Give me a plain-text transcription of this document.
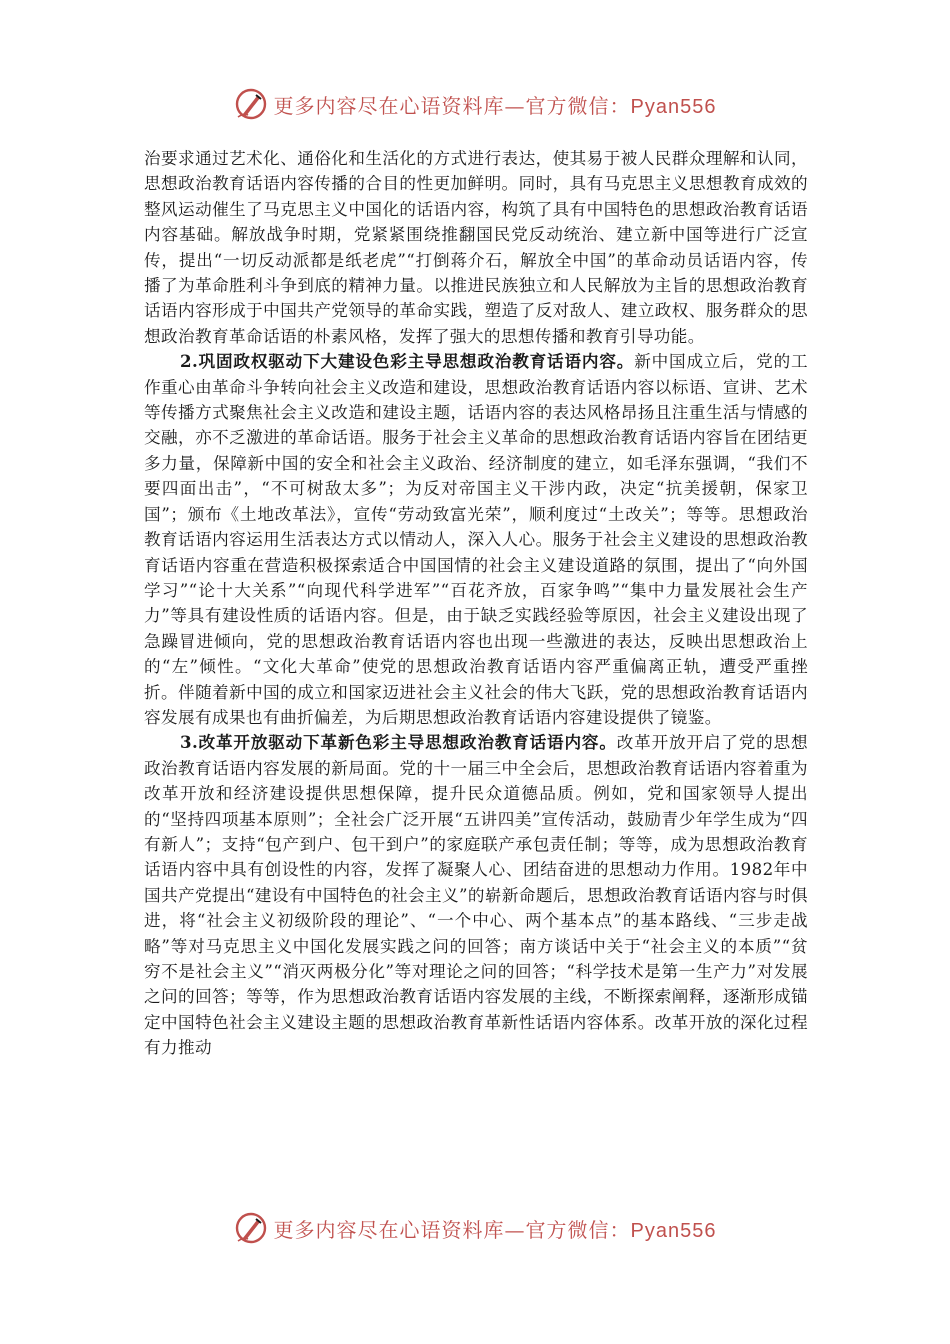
更多内容尽在心语资料库—官方微信：Pyan556

治要求通过艺术化、通俗化和生活化的方式进行表达，使其易于被人民群众理解和认同，思想政治教育话语内容传播的合目的性更加鲜明。同时，具有马克思主义思想教育成效的整风运动催生了马克思主义中国化的话语内容，构筑了具有中国特色的思想政治教育话语内容基础。解放战争时期，党紧紧围绕推翻国民党反动统治、建立新中国等进行广泛宣传，提出“一切反动派都是纸老虎”“打倒蒋介石，解放全中国”的革命动员话语内容，传播了为革命胜利斗争到底的精神力量。以推进民族独立和人民解放为主旨的思想政治教育话语内容形成于中国共产党领导的革命实践，塑造了反对敌人、建立政权、服务群众的思想政治教育革命话语的朴素风格，发挥了强大的思想传播和教育引导功能。

2.巩固政权驱动下大建设色彩主导思想政治教育话语内容。新中国成立后，党的工作重心由革命斗争转向社会主义改造和建设，思想政治教育话语内容以标语、宣讲、艺术等传播方式聚焦社会主义改造和建设主题，话语内容的表达风格昂扬且注重生活与情感的交融，亦不乏激进的革命话语。服务于社会主义革命的思想政治教育话语内容旨在团结更多力量，保障新中国的安全和社会主义政治、经济制度的建立，如毛泽东强调，“我们不要四面出击”，“不可树敌太多”；为反对帝国主义干涉内政，决定“抗美援朝，保家卫国”；颁布《土地改革法》，宣传“劳动致富光荣”，顺利度过“土改关”；等等。思想政治教育话语内容运用生活表达方式以情动人，深入人心。服务于社会主义建设的思想政治教育话语内容重在营造积极探索适合中国国情的社会主义建设道路的氛围，提出了“向外国学习”“论十大关系”“向现代科学进军”“百花齐放，百家争鸣”“集中力量发展社会生产力”等具有建设性质的话语内容。但是，由于缺乏实践经验等原因，社会主义建设出现了急躁冒进倾向，党的思想政治教育话语内容也出现一些激进的表达，反映出思想政治上的“左”倾性。“文化大革命”使党的思想政治教育话语内容严重偏离正轨，遭受严重挫折。伴随着新中国的成立和国家迈进社会主义社会的伟大飞跃，党的思想政治教育话语内容发展有成果也有曲折偏差，为后期思想政治教育话语内容建设提供了镜鉴。

3.改革开放驱动下革新色彩主导思想政治教育话语内容。改革开放开启了党的思想政治教育话语内容发展的新局面。党的十一届三中全会后，思想政治教育话语内容着重为改革开放和经济建设提供思想保障，提升民众道德品质。例如，党和国家领导人提出的“坚持四项基本原则”；全社会广泛开展“五讲四美”宣传活动，鼓励青少年学生成为“四有新人”；支持“包产到户、包干到户”的家庭联产承包责任制；等等，成为思想政治教育话语内容中具有创设性的内容，发挥了凝聚人心、团结奋进的思想动力作用。1982年中国共产党提出“建设有中国特色的社会主义”的崭新命题后，思想政治教育话语内容与时俱进，将“社会主义初级阶段的理论”、“一个中心、两个基本点”的基本路线、“三步走战略”等对马克思主义中国化发展实践之问的回答；南方谈话中关于“社会主义的本质”“贫穷不是社会主义”“消灭两极分化”等对理论之问的回答；“科学技术是第一生产力”对发展之问的回答；等等，作为思想政治教育话语内容发展的主线，不断探索阐释，逐渐形成锚定中国特色社会主义建设主题的思想政治教育革新性话语内容体系。改革开放的深化过程有力推动

更多内容尽在心语资料库—官方微信：Pyan556
